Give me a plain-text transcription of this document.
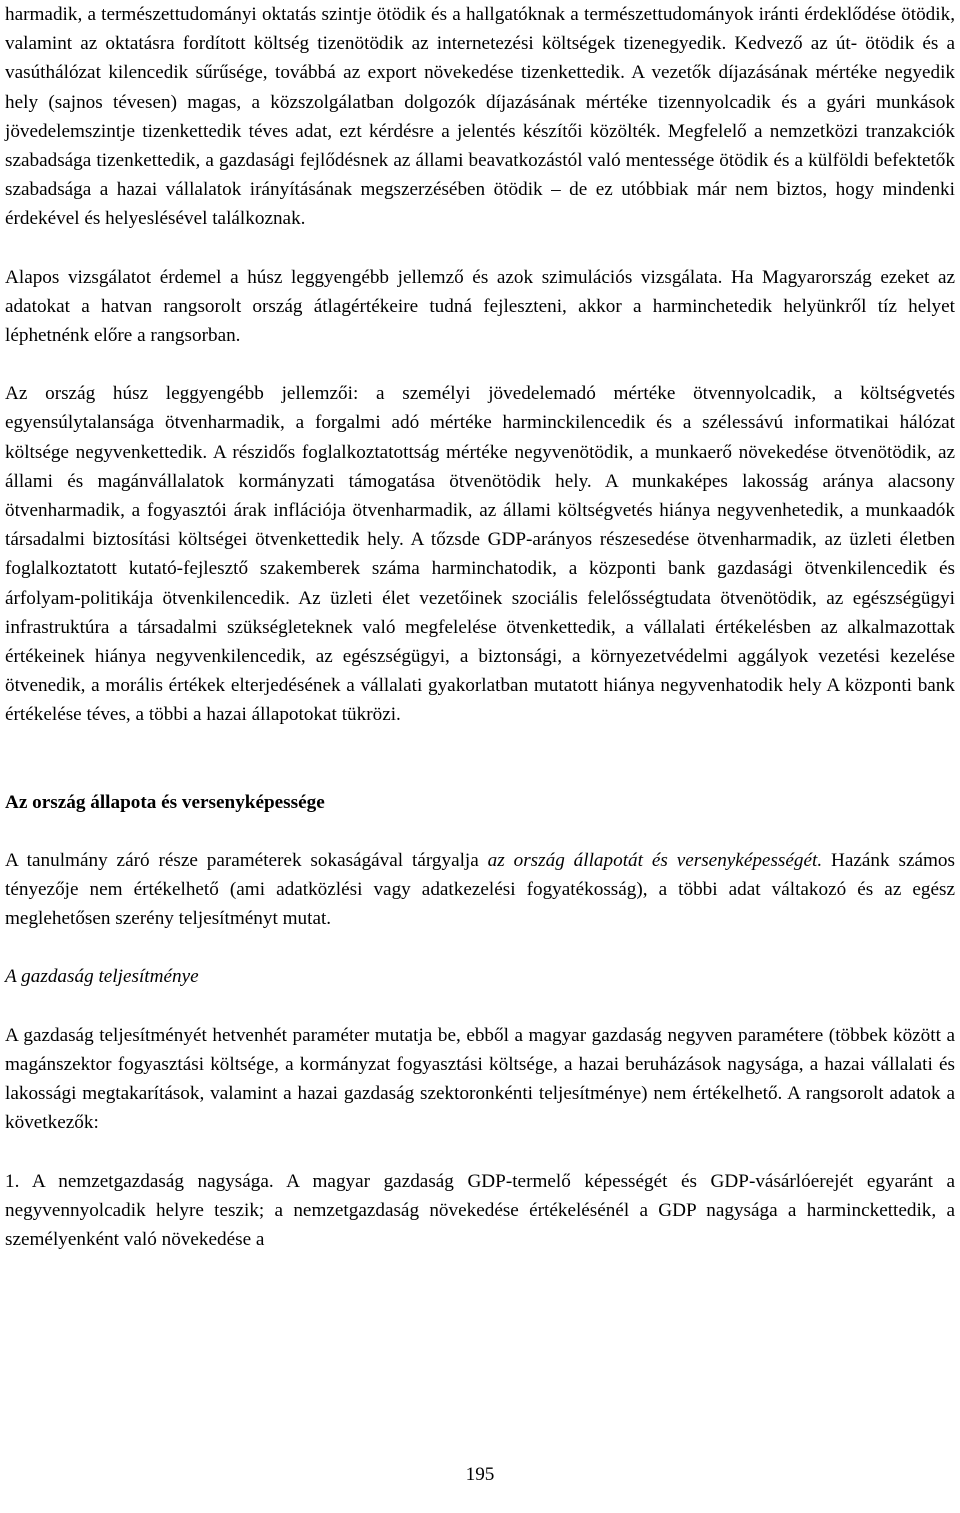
harmadik, a természettudományi oktatás szintje ötödik és a hallgatóknak a természettudományok iránti érdeklődése ötödik, valamint az oktatásra fordított költség tizenötödik az internetezési költségek tizenegyedik. Kedvező az út- ötödik és a vasúthálózat kilencedik sűrűsége, továbbá az export növekedése tizenkettedik. A vezetők díjazásának mértéke negyedik hely (sajnos tévesen) magas, a közszolgálatban dolgozók díjazásának mértéke tizennyolcadik és a gyári munkások jövedelemszintje tizenkettedik téves adat, ezt kérdésre a jelentés készítői közölték. Megfelelő a nemzetközi tranzakciók szabadsága tizenkettedik, a gazdasági fejlődésnek az állami beavatkozástól való mentessége ötödik és a külföldi befektetők szabadsága a hazai vállalatok irányításának megszerzésében ötödik – de ez utóbbiak már nem biztos, hogy mindenki érdekével és helyeslésével találkoznak.

Alapos vizsgálatot érdemel a húsz leggyengébb jellemző és azok szimulációs vizsgálata. Ha Magyarország ezeket az adatokat a hatvan rangsorolt ország átlagértékeire tudná fejleszteni, akkor a harminchetedik helyünkről tíz helyet léphetnénk előre a rangsorban.

Az ország húsz leggyengébb jellemzői: a személyi jövedelemadó mértéke ötvennyolcadik, a költségvetés egyensúlytalansága ötvenharmadik, a forgalmi adó mértéke harminckilencedik és a szélessávú informatikai hálózat költsége negyvenkettedik. A részidős foglalkoztatottság mértéke negyvenötödik, a munkaerő növekedése ötvenötödik, az állami és magánvállalatok kormányzati támogatása ötvenötödik hely. A munkaképes lakosság aránya alacsony ötvenharmadik, a fogyasztói árak inflációja ötvenharmadik, az állami költségvetés hiánya negyvenhetedik, a munkaadók társadalmi biztosítási költségei ötvenkettedik hely. A tőzsde GDP-arányos részesedése ötvenharmadik, az üzleti életben foglalkoztatott kutató-fejlesztő szakemberek száma harminchatodik, a központi bank gazdasági ötvenkilencedik és árfolyam-politikája ötvenkilencedik. Az üzleti élet vezetőinek szociális felelősségtudata ötvenötödik, az egészségügyi infrastruktúra a társadalmi szükségleteknek való megfelelése ötvenkettedik, a vállalati értékelésben az alkalmazottak értékeinek hiánya negyvenkilencedik, az egészségügyi, a biztonsági, a környezetvédelmi aggályok vezetési kezelése ötvenedik, a morális értékek elterjedésének a vállalati gyakorlatban mutatott hiánya negyvenhatodik hely A központi bank értékelése téves, a többi a hazai állapotokat tükrözi.

Az ország állapota és versenyképessége

A tanulmány záró része paraméterek sokaságával tárgyalja az ország állapotát és versenyképességét. Hazánk számos tényezője nem értékelhető (ami adatközlési vagy adatkezelési fogyatékosság), a többi adat váltakozó és az egész meglehetősen szerény teljesítményt mutat.

A gazdaság teljesítménye

A gazdaság teljesítményét hetvenhét paraméter mutatja be, ebből a magyar gazdaság negyven paramétere (többek között a magánszektor fogyasztási költsége, a kormányzat fogyasztási költsége, a hazai beruházások nagysága, a hazai vállalati és lakossági megtakarítások, valamint a hazai gazdaság szektoronkénti teljesítménye) nem értékelhető. A rangsorolt adatok a következők:

1. A nemzetgazdaság nagysága. A magyar gazdaság GDP-termelő képességét és GDP-vásárlóerejét egyaránt a negyvennyolcadik helyre teszik; a nemzetgazdaság növekedése értékelésénél a GDP nagysága a harminckettedik, a személyenként való növekedése a

195
